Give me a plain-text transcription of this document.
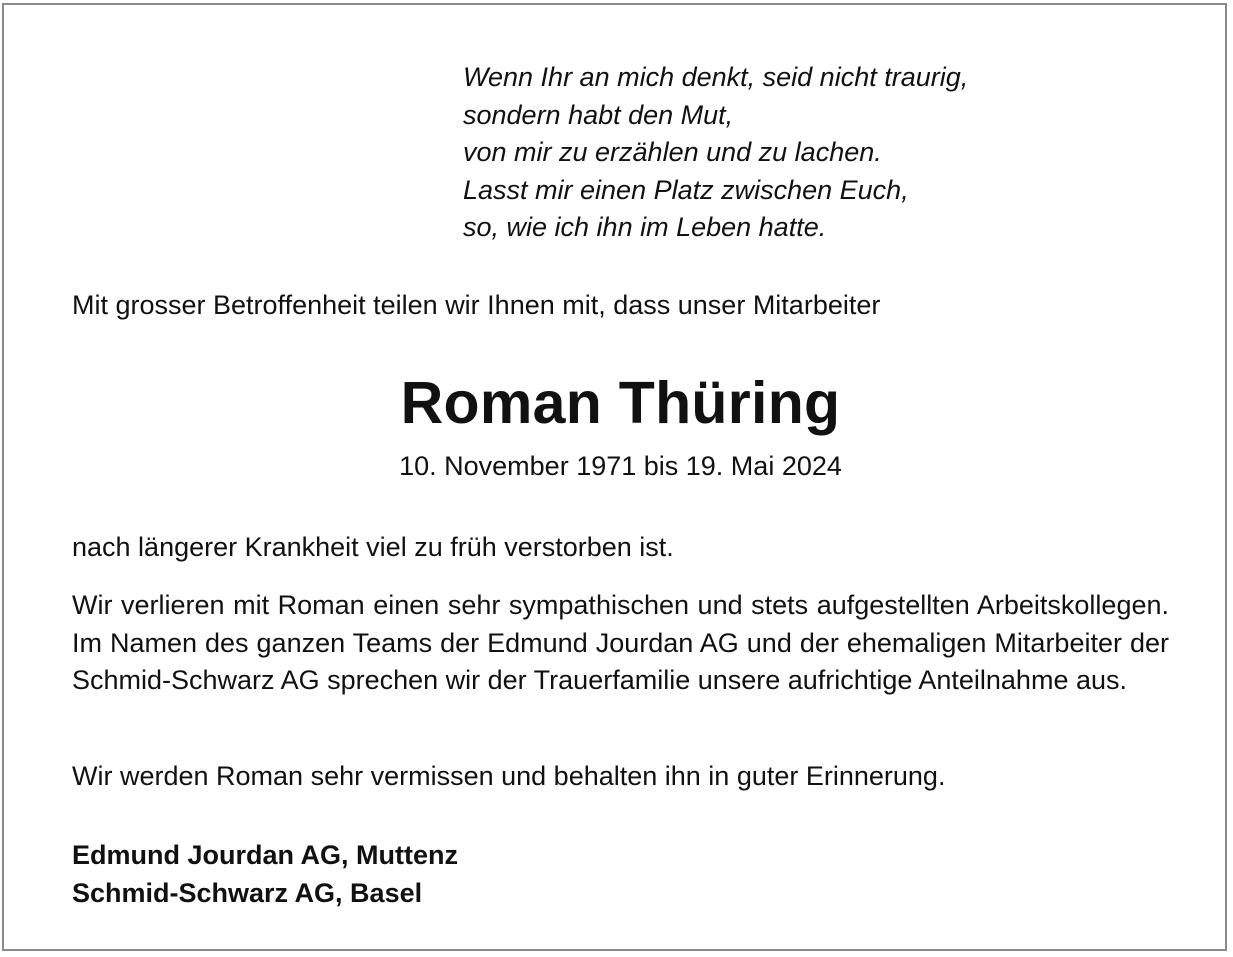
Wenn Ihr an mich denkt, seid nicht traurig,
sondern habt den Mut,
von mir zu erzählen und zu lachen.
Lasst mir einen Platz zwischen Euch,
so, wie ich ihn im Leben hatte.
Mit grosser Betroffenheit teilen wir Ihnen mit, dass unser Mitarbeiter
Roman Thüring
10. November 1971 bis 19. Mai 2024
nach längerer Krankheit viel zu früh verstorben ist.
Wir verlieren mit Roman einen sehr sympathischen und stets aufgestellten Arbeitskollegen. Im Namen des ganzen Teams der Edmund Jourdan AG und der ehemaligen Mitarbeiter der Schmid-Schwarz AG sprechen wir der Trauerfamilie unsere aufrichtige Anteilnahme aus.
Wir werden Roman sehr vermissen und behalten ihn in guter Erinnerung.
Edmund Jourdan AG, Muttenz
Schmid-Schwarz AG, Basel
